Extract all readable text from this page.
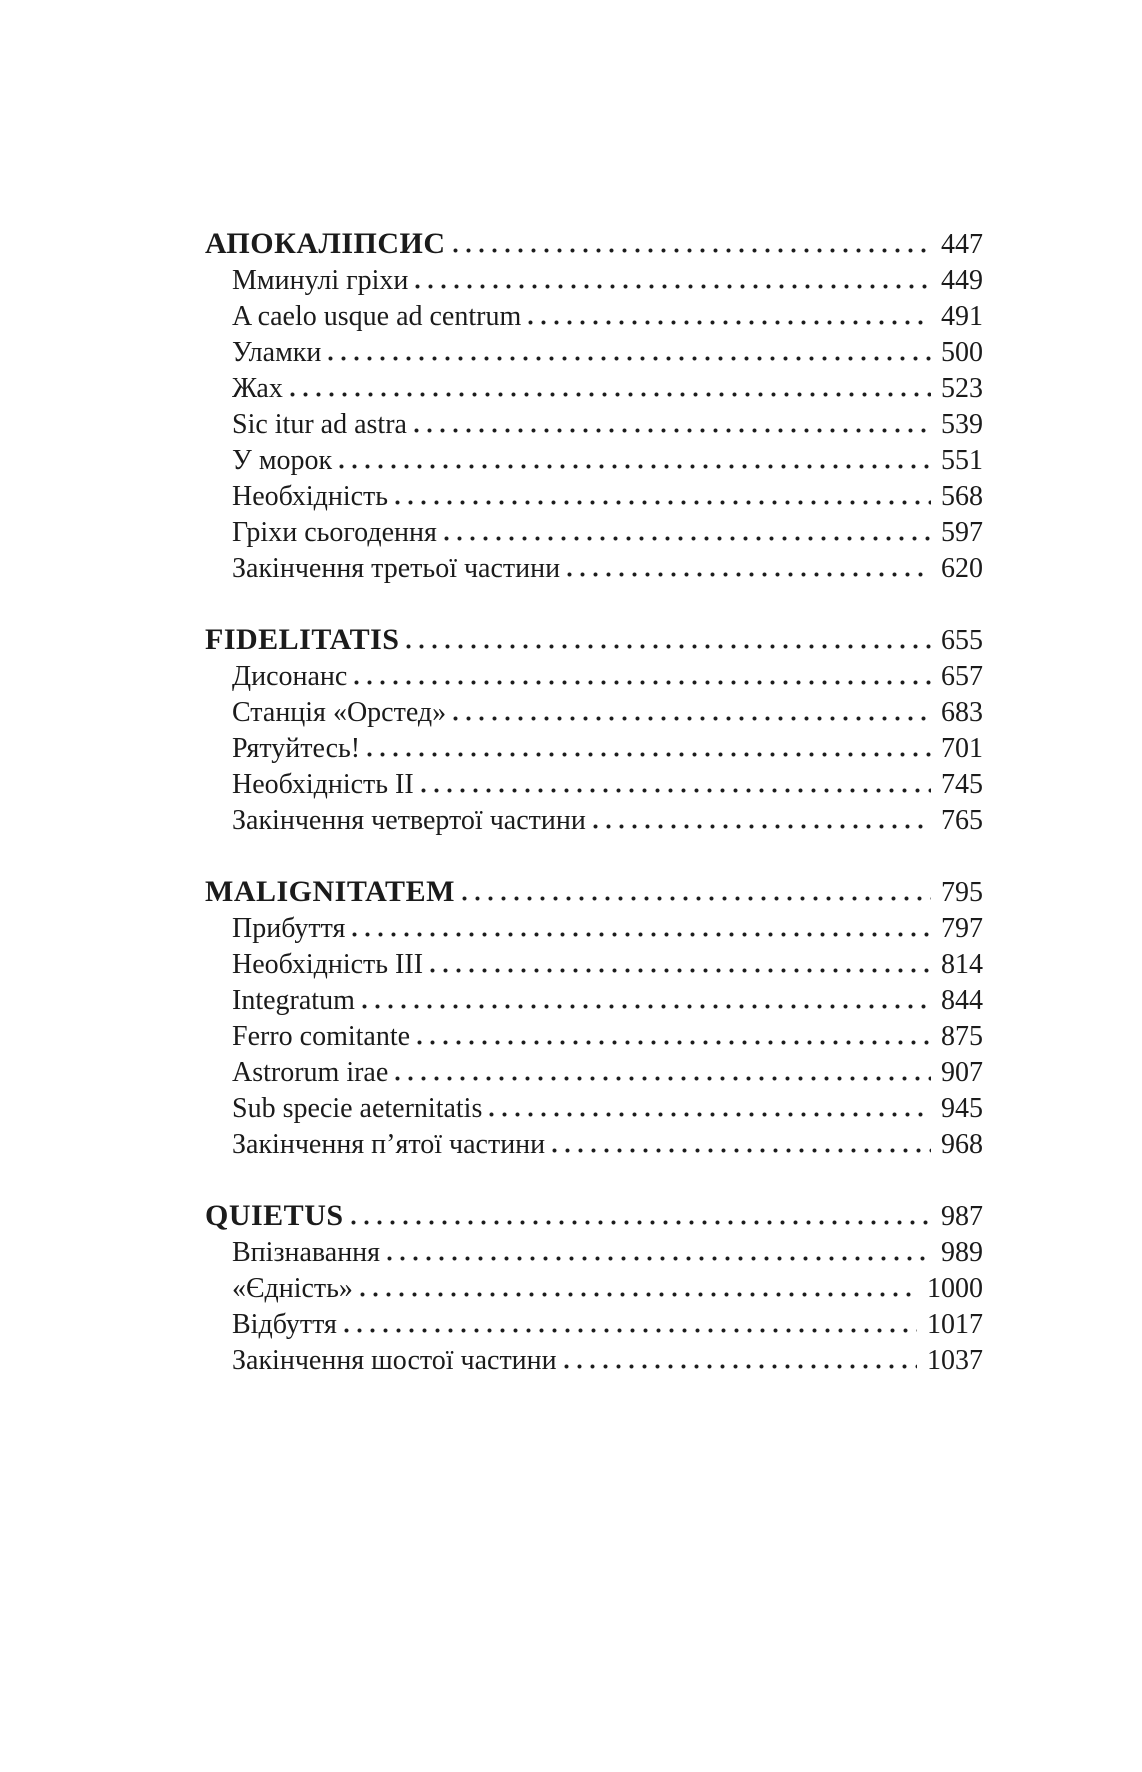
АПОКАЛІПСИС	447
Мминулі гріхи	449
A caelo usque ad centrum	491
Уламки	500
Жах	523
Sic itur ad astra	539
У морок	551
Необхідність	568
Гріхи сьогодення	597
Закінчення третьої частини	620
FIDELITATIS	655
Дисонанс	657
Станція «Орстед»	683
Рятуйтесь!	701
Необхідність II	745
Закінчення четвертої частини	765
MALIGNITATEM	795
Прибуття	797
Необхідність III	814
Integratum	844
Ferro comitante	875
Astrorum irae	907
Sub specie aeternitatis	945
Закінчення п’ятої частини	968
QUIETUS	987
Впізнавання	989
«Єдність»	1000
Відбуття	1017
Закінчення шостої частини	1037
